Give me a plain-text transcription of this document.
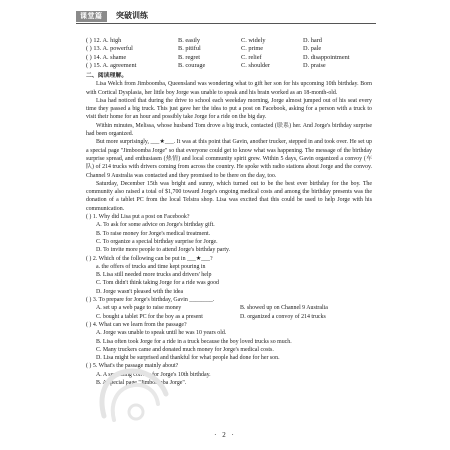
课堂篇	突破训练
( ) 12. A. high	B. easily	C. widely	D. hard
( ) 13. A. powerful	B. pitiful	C. prime	D. pale
( ) 14. A. shame	B. regret	C. relief	D. disappointment
( ) 15. A. agreement	B. courage	C. shoulder	D. praise

二、阅读理解。

Lisa Welch from Jimboomba, Queensland was wondering what to gift her son for his upcoming 10th birthday. Born with Cortical Dysplasia, her little boy Jorge was unable to speak and his brain worked as an 18-month-old.

Lisa had noticed that during the drive to school each weekday morning, Jorge almost jumped out of his seat every time they passed a big truck. This just gave her the idea to put a post on Facebook, asking for a person with a truck to visit their home for an hour and possibly take Jorge for a ride on the big day.

Within minutes, Melissa, whose husband Tom drove a big truck, contacted (联系) her. And Jorge's birthday surprise had been organized.

But more surprisingly, ___★___. It was at this point that Gavin, another trucker, stepped in and took over. He set up a special page "Jimboomba Jorge" so that everyone could get to know what was happening. The message of the birthday surprise spread, and enthusiasm (热情) and local community spirit grew. Within 5 days, Gavin organized a convoy (车队) of 214 trucks with drivers coming from across the country. He spoke with radio stations about Jorge and the convoy. Channel 9 Australia was contacted and they promised to be there on the day, too.

Saturday, December 15th was bright and sunny, which turned out to be the best ever birthday for the boy. The community also raised a total of $1,700 toward Jorge's ongoing medical costs and among the birthday presents was the donation of a tablet PC from the local Telstra shop. Lisa was excited that this could be used to help Jorge with his communication.

( ) 1. Why did Lisa put a post on Facebook?

A. To ask for some advice on Jorge's birthday gift.

B. To raise money for Jorge's medical treatment.

C. To organize a special birthday surprise for Jorge.

D. To invite more people to attend Jorge's birthday party.

( ) 2. Which of the following can be put in ___★___?

a. the offers of trucks and time kept pouring in

B. Lisa still needed more trucks and drivers' help

C. Tom didn't think taking Jorge for a ride was good

D. Jorge wasn't pleased with the idea

( ) 3. To prepare for Jorge's birthday, Gavin ________.

A. set up a web page to raise money	B. showed up on Channel 9 Australia
C. bought a tablet PC for the boy as a present	D. organized a convoy of 214 trucks

( ) 4. What can we learn from the passage?

A. Jorge was unable to speak until he was 10 years old.

B. Lisa often took Jorge for a ride in a truck because the boy loved trucks so much.

C. Many truckers came and donated much money for Jorge's medical costs.

D. Lisa might be surprised and thankful for what people had done for her son.

( ) 5. What's the passage mainly about?

A. A surprising convoy for Jorge's 10th birthday.

B. A special page "Jimboomba Jorge".

· 2 ·
